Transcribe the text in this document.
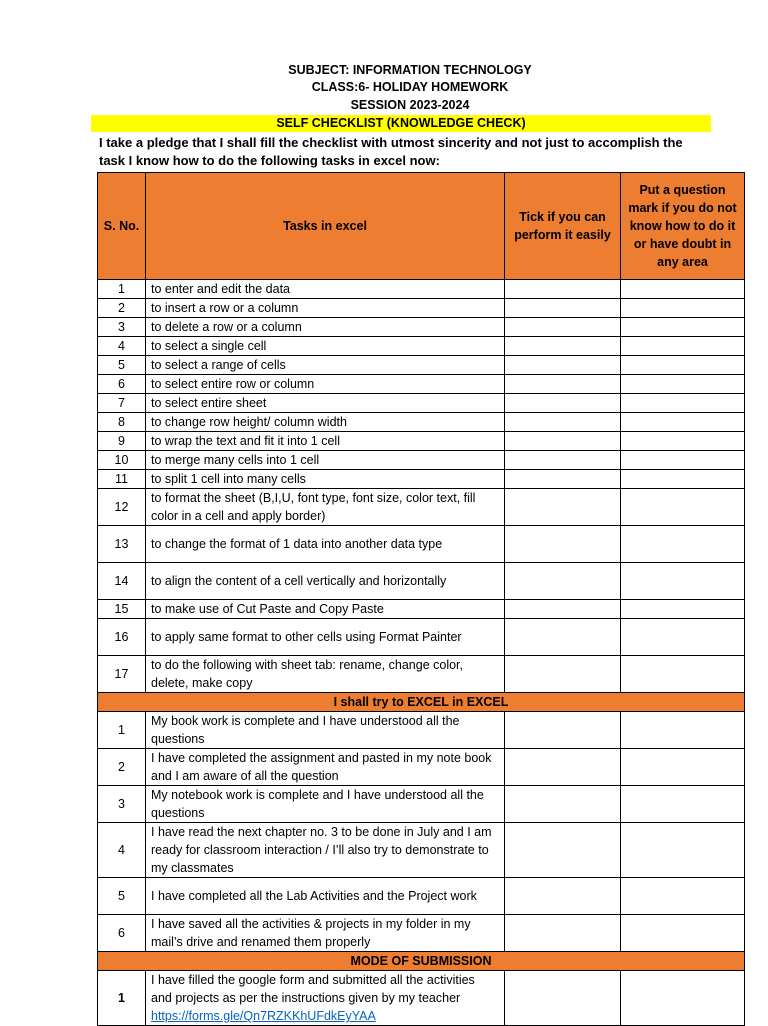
SUBJECT: INFORMATION TECHNOLOGY
CLASS:6- HOLIDAY HOMEWORK
SESSION 2023-2024
SELF CHECKLIST (KNOWLEDGE CHECK)
I take a pledge that I shall fill the checklist with utmost sincerity and not just to accomplish the
task I know how to do the following tasks in excel now:
S. No.	Tasks in excel	Tick if you can perform it easily	Put a question mark if you do not know how to do it or have doubt in any area
1	to enter and edit the data		
2	to insert a row or a column		
3	to delete a row or a column		
4	to select a single cell		
5	to select a range of cells		
6	to select entire row or column		
7	to select entire sheet		
8	to change row height/ column width		
9	to wrap the text and fit it into 1 cell		
10	to merge many cells into 1 cell		
11	to split 1 cell into many cells		
12	to format the sheet (B,I,U, font type, font size, color text, fill color in a cell and apply border)		
13	to change the format of 1 data into another data type		
14	to align the content of a cell vertically and horizontally		
15	to make use of Cut Paste and Copy Paste		
16	to apply same format to other cells using Format Painter		
17	to do the following with sheet tab: rename, change color, delete, make copy		
I shall try to EXCEL in EXCEL			
1	My book work is complete and I have understood all the questions		
2	I have completed the assignment and pasted in my note book and I am aware of all the question		
3	My notebook work is complete and I have understood all the questions		
4	I have read the next chapter no. 3 to be done in July and I am ready for classroom interaction / I’ll also try to demonstrate to my classmates		
5	I have completed all the Lab Activities and the Project work		
6	I have saved all the activities & projects in my folder in my mail’s drive and renamed them properly		
MODE OF SUBMISSION			
1	I have filled the google form and submitted all the activities and projects as per the instructions given by my teacher https://forms.gle/Qn7RZKKhUFdkEyYAA		
